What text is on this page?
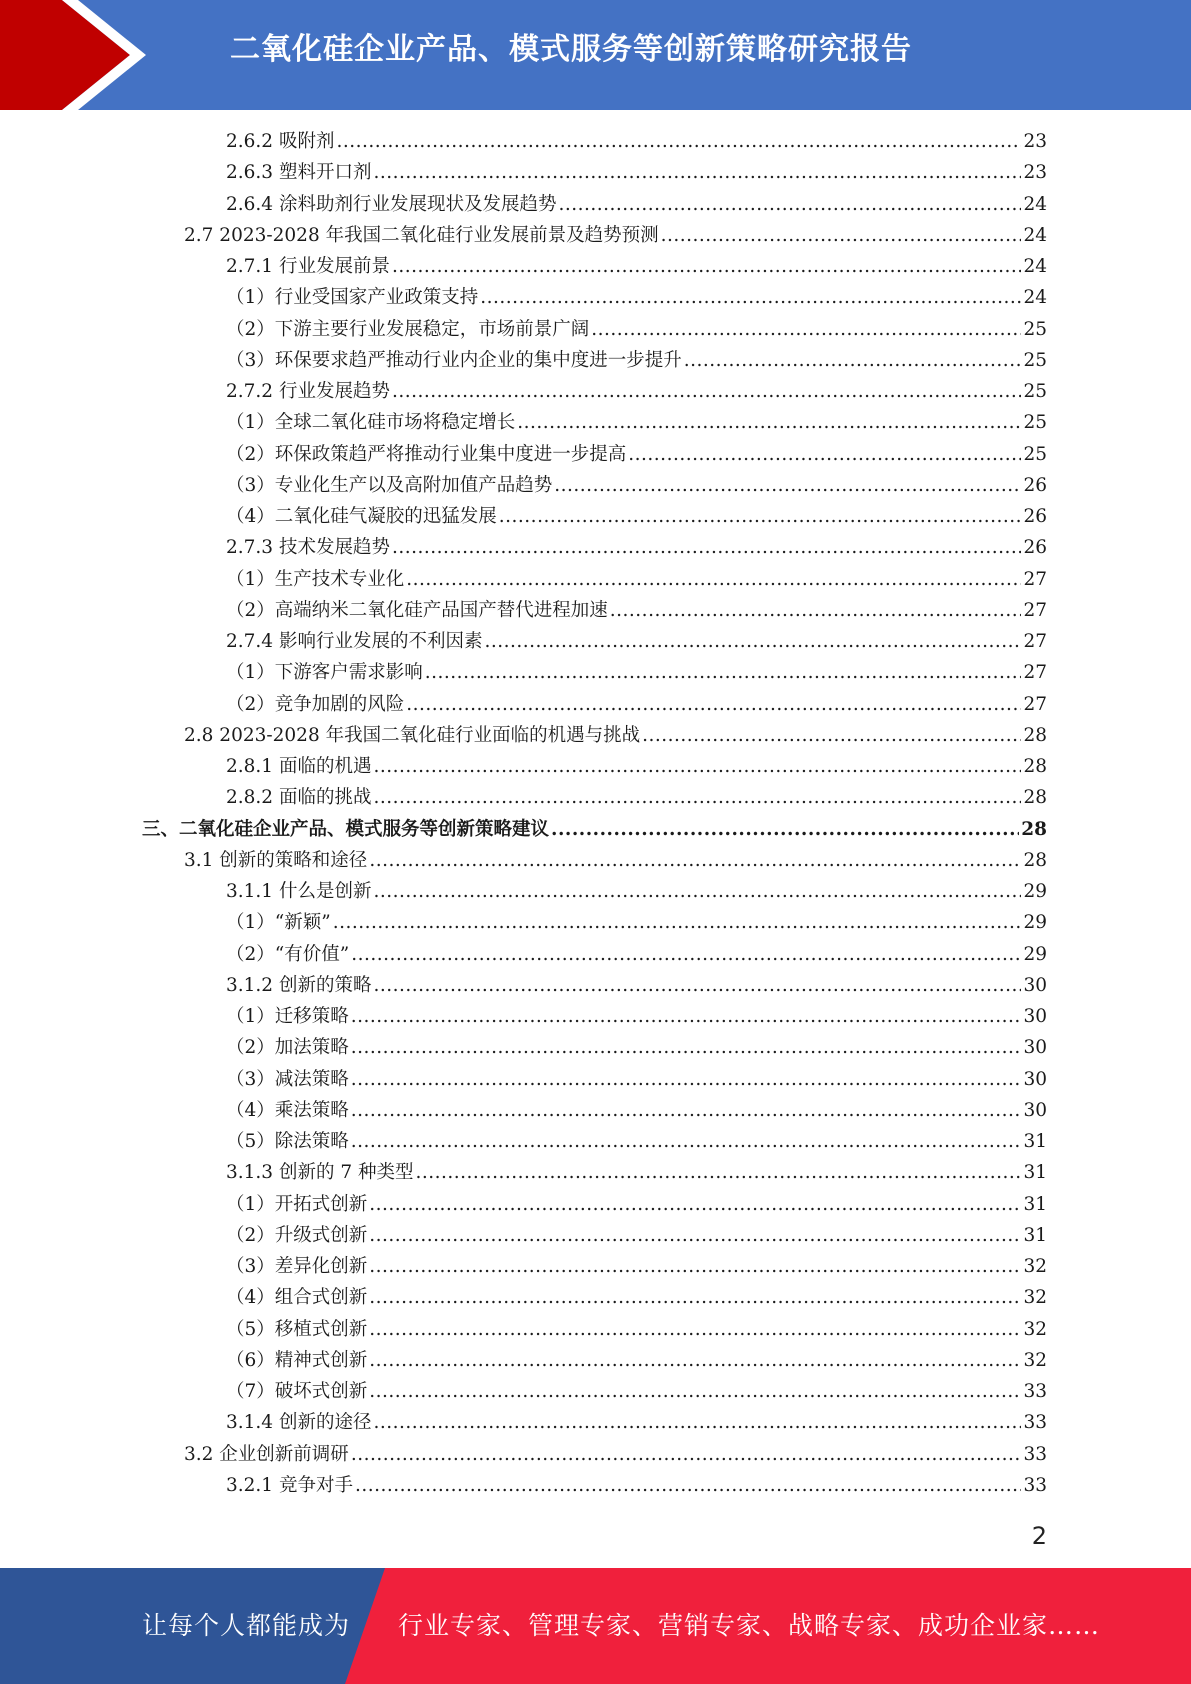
二氧化硅企业产品、模式服务等创新策略研究报告
2.6.2 吸附剂 .....	23
2.6.3 塑料开口剂 .....	23
2.6.4 涂料助剂行业发展现状及发展趋势 .....	24
2.7 2023-2028 年我国二氧化硅行业发展前景及趋势预测 .....	24
2.7.1 行业发展前景 .....	24
（1）行业受国家产业政策支持 .....	24
（2）下游主要行业发展稳定，市场前景广阔 .....	25
（3）环保要求趋严推动行业内企业的集中度进一步提升 .....	25
2.7.2 行业发展趋势 .....	25
（1）全球二氧化硅市场将稳定增长 .....	25
（2）环保政策趋严将推动行业集中度进一步提高 .....	25
（3）专业化生产以及高附加值产品趋势 .....	26
（4）二氧化硅气凝胶的迅猛发展 .....	26
2.7.3 技术发展趋势 .....	26
（1）生产技术专业化 .....	27
（2）高端纳米二氧化硅产品国产替代进程加速 .....	27
2.7.4 影响行业发展的不利因素 .....	27
（1）下游客户需求影响 .....	27
（2）竞争加剧的风险 .....	27
2.8 2023-2028 年我国二氧化硅行业面临的机遇与挑战 .....	28
2.8.1 面临的机遇 .....	28
2.8.2 面临的挑战 .....	28
三、二氧化硅企业产品、模式服务等创新策略建议 .....	28
3.1 创新的策略和途径 .....	28
3.1.1 什么是创新 .....	29
（1）“新颖” .....	29
（2）“有价值” .....	29
3.1.2 创新的策略 .....	30
（1）迁移策略 .....	30
（2）加法策略 .....	30
（3）减法策略 .....	30
（4）乘法策略 .....	30
（5）除法策略 .....	31
3.1.3 创新的 7 种类型 .....	31
（1）开拓式创新 .....	31
（2）升级式创新 .....	31
（3）差异化创新 .....	32
（4）组合式创新 .....	32
（5）移植式创新 .....	32
（6）精神式创新 .....	32
（7）破坏式创新 .....	33
3.1.4 创新的途径 .....	33
3.2 企业创新前调研 .....	33
3.2.1 竞争对手 .....	33
2
让每个人都能成为 行业专家、管理专家、营销专家、战略专家、成功企业家……
